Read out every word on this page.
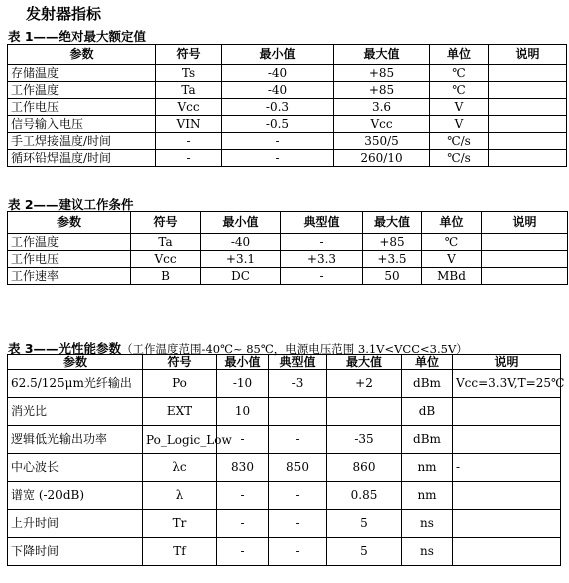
发射器指标
表 1——绝对最大额定值
参数	符号	最小值	最大值	单位	说明
存储温度	Ts	-40	+85	℃	
工作温度	Ta	-40	+85	℃	
工作电压	Vcc	-0.3	3.6	V	
信号输入电压	VIN	-0.5	Vcc	V	
手工焊接温度/时间	-	-	350/5	℃/s	
循环铅焊温度/时间	-	-	260/10	℃/s	
表 2——建议工作条件
参数	符号	最小值	典型值	最大值	单位	说明
工作温度	Ta	-40	-	+85	℃	
工作电压	Vcc	+3.1	+3.3	+3.5	V	
工作速率	B	DC	-	50	MBd	
表 3——光性能参数（工作温度范围-40℃~ 85℃，电源电压范围 3.1V<VCC<3.5V）
参数	符号	最小值	典型值	最大值	单位	说明
62.5/125μm光纤输出	Po	-10	-3	+2	dBm	Vcc=3.3V,T=25℃
消光比	EXT	10			dB	
逻辑低光输出功率	Po_Logic_Low	-	-	-35	dBm	
中心波长	λc	830	850	860	nm	-
谱宽 (-20dB)	λ	-	-	0.85	nm	
上升时间	Tr	-	-	5	ns	
下降时间	Tf	-	-	5	ns	
